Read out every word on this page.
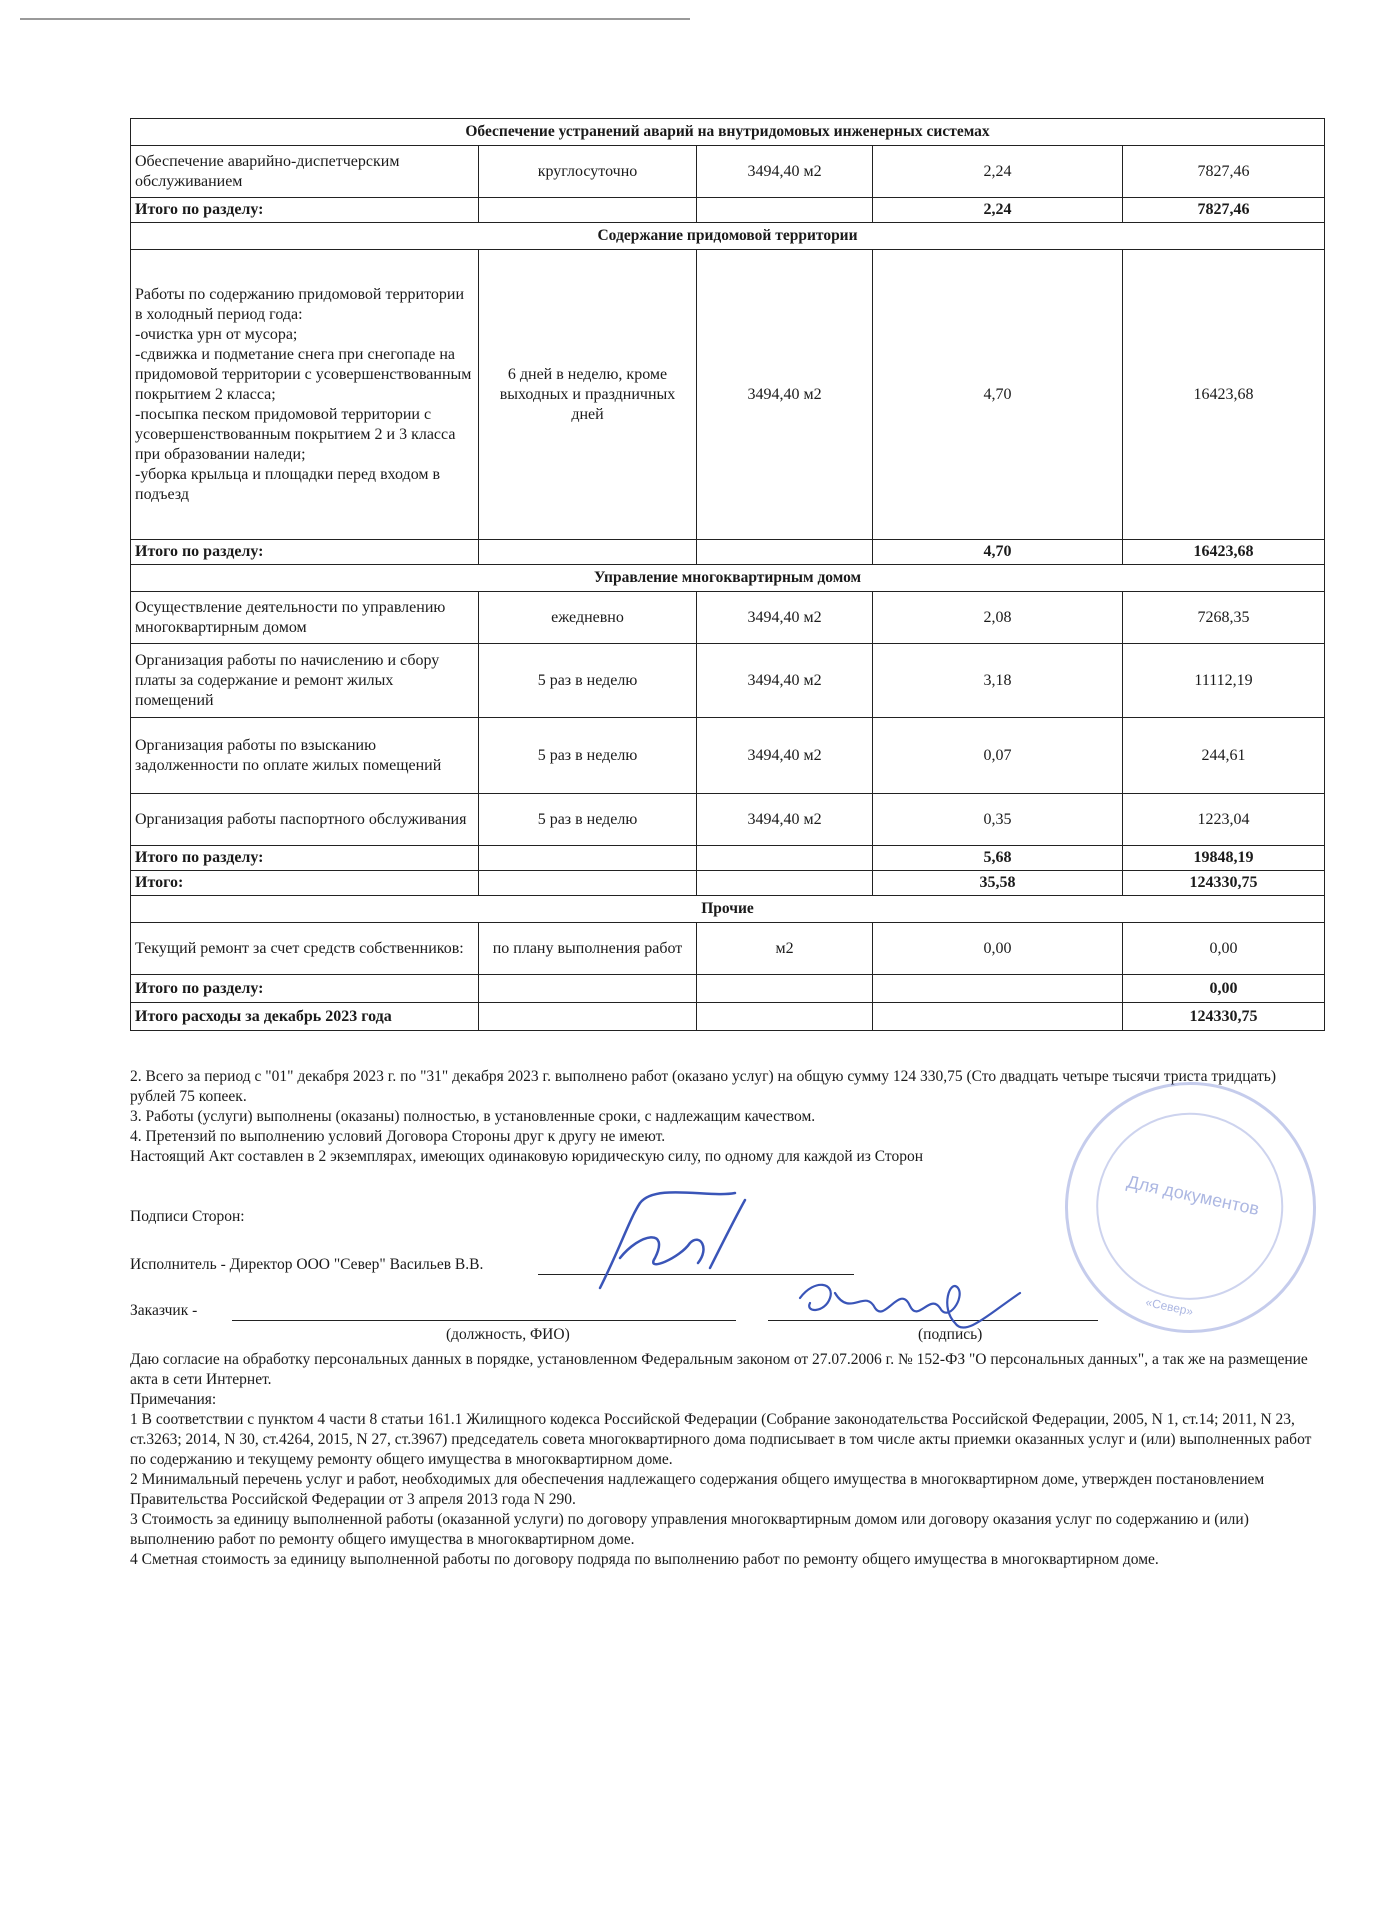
Обеспечение устранений аварий на внутридомовых инженерных системах				
Обеспечение аварийно-диспетчерским обслуживанием	круглосуточно	3494,40 м2	2,24	7827,46
Итого по разделу:			2,24	7827,46
Содержание придомовой территории				
Работы по содержанию придомовой территории в холодный период года:
-очистка урн от мусора;
-сдвижка и подметание снега при снегопаде на придомовой территории с усовершенствованным покрытием 2 класса;
-посыпка песком придомовой территории с усовершенствованным покрытием 2 и 3 класса при образовании наледи;
-уборка крыльца и площадки перед входом в подъезд	6 дней в неделю, кроме выходных и праздничных дней	3494,40 м2	4,70	16423,68
Итого по разделу:			4,70	16423,68
Управление многоквартирным домом				
Осуществление деятельности по управлению многоквартирным домом	ежедневно	3494,40 м2	2,08	7268,35
Организация работы по начислению и сбору платы за содержание и ремонт жилых помещений	5 раз в неделю	3494,40 м2	3,18	11112,19
Организация работы по взысканию задолженности по оплате жилых помещений	5 раз в неделю	3494,40 м2	0,07	244,61
Организация работы паспортного обслуживания	5 раз в неделю	3494,40 м2	0,35	1223,04
Итого по разделу:			5,68	19848,19
Итого:			35,58	124330,75
Прочие				
Текущий ремонт за счет средств собственников:	по плану выполнения работ	м2	0,00	0,00
Итого по разделу:				0,00
Итого расходы за декабрь 2023 года				124330,75

2. Всего за период с "01" декабря 2023 г. по "31" декабря 2023 г. выполнено работ (оказано услуг) на общую сумму 124 330,75 (Сто двадцать четыре тысячи триста тридцать) рублей 75 копеек.

3. Работы (услуги) выполнены (оказаны) полностью, в установленные сроки, с надлежащим качеством.

4. Претензий по выполнению условий Договора Стороны друг к другу не имеют.

Настоящий Акт составлен в 2 экземплярах, имеющих одинаковую юридическую силу, по одному для каждой из Сторон

Подписи Сторон:
Исполнитель - Директор ООО "Север" Васильев В.В.
Заказчик -
(должность, ФИО)	(подпись)

Даю согласие на обработку персональных данных в порядке, установленном Федеральным законом от 27.07.2006 г. № 152-ФЗ "О персональных данных", а так же на размещение акта в сети Интернет.

Примечания:

1 В соответствии с пунктом 4 части 8 статьи 161.1 Жилищного кодекса Российской Федерации (Собрание законодательства Российской Федерации, 2005, N 1, ст.14; 2011, N 23, ст.3263; 2014, N 30, ст.4264, 2015, N 27, ст.3967) председатель совета многоквартирного дома подписывает в том числе акты приемки оказанных услуг и (или) выполненных работ по содержанию и текущему ремонту общего имущества в многоквартирном доме.

2 Минимальный перечень услуг и работ, необходимых для обеспечения надлежащего содержания общего имущества в многоквартирном доме, утвержден постановлением Правительства Российской Федерации от 3 апреля 2013 года N 290.

3 Стоимость за единицу выполненной работы (оказанной услуги) по договору управления многоквартирным домом или договору оказания услуг по содержанию и (или) выполнению работ по ремонту общего имущества в многоквартирном доме.

4 Сметная стоимость за единицу выполненной работы по договору подряда по выполнению работ по ремонту общего имущества в многоквартирном доме.

Для документов
«Север»
